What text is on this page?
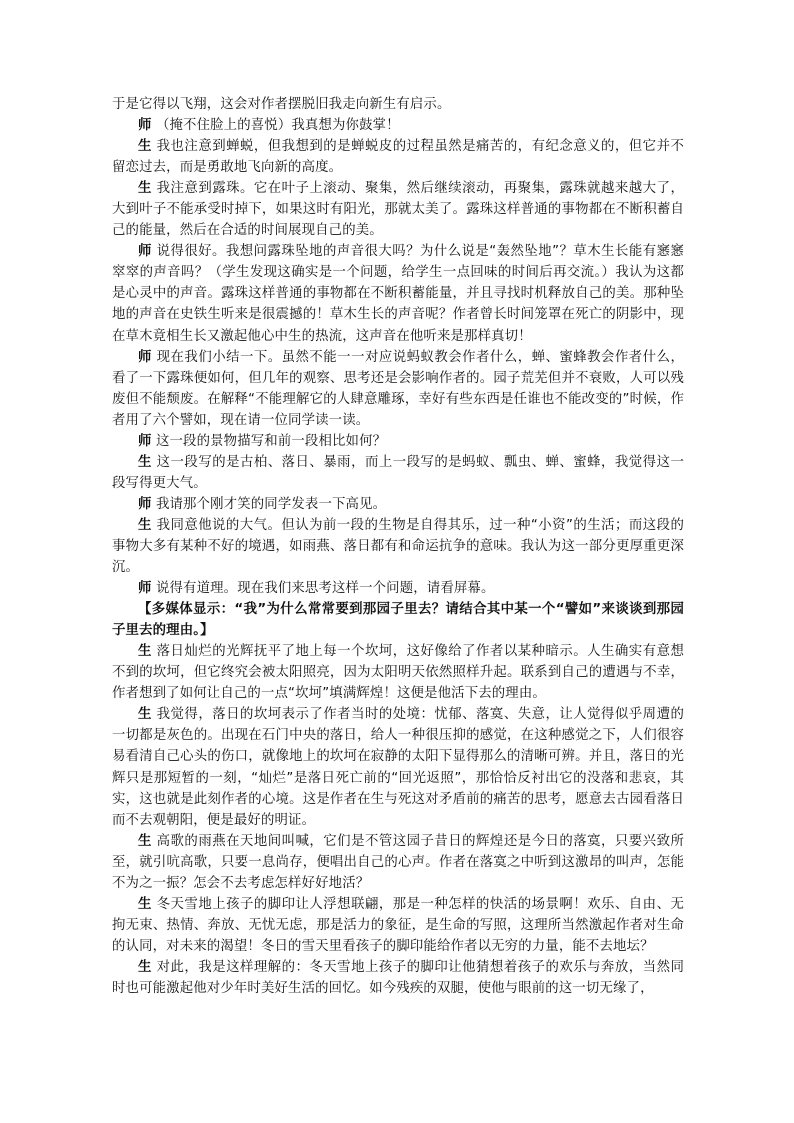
于是它得以飞翔，这会对作者摆脱旧我走向新生有启示。

师 （掩不住脸上的喜悦）我真想为你鼓掌！

生 我也注意到蝉蜕，但我想到的是蝉蜕皮的过程虽然是痛苦的，有纪念意义的，但它并不留恋过去，而是勇敢地飞向新的高度。

生 我注意到露珠。它在叶子上滚动、聚集，然后继续滚动，再聚集，露珠就越来越大了，大到叶子不能承受时掉下，如果这时有阳光，那就太美了。露珠这样普通的事物都在不断积蓄自己的能量，然后在合适的时间展现自己的美。

师 说得很好。我想问露珠坠地的声音很大吗？为什么说是“轰然坠地”？草木生长能有窸窸窣窣的声音吗？（学生发现这确实是一个问题，给学生一点回味的时间后再交流。）我认为这都是心灵中的声音。露珠这样普通的事物都在不断积蓄能量，并且寻找时机释放自己的美。那种坠地的声音在史铁生听来是很震撼的！草木生长的声音呢？作者曾长时间笼罩在死亡的阴影中，现在草木竟相生长又激起他心中生的热流，这声音在他听来是那样真切！

师 现在我们小结一下。虽然不能一一对应说蚂蚁教会作者什么，蝉、蜜蜂教会作者什么，看了一下露珠便如何，但几年的观察、思考还是会影响作者的。园子荒芜但并不衰败，人可以残废但不能颓废。在解释“不能理解它的人肆意雕琢，幸好有些东西是任谁也不能改变的”时候，作者用了六个譬如，现在请一位同学读一读。

师 这一段的景物描写和前一段相比如何？

生 这一段写的是古柏、落日、暴雨，而上一段写的是蚂蚁、瓢虫、蝉、蜜蜂，我觉得这一段写得更大气。

师 我请那个刚才笑的同学发表一下高见。

生 我同意他说的大气。但认为前一段的生物是自得其乐，过一种“小资”的生活；而这段的事物大多有某种不好的境遇，如雨燕、落日都有和命运抗争的意味。我认为这一部分更厚重更深沉。

师 说得有道理。现在我们来思考这样一个问题，请看屏幕。

【多媒体显示：“我”为什么常常要到那园子里去？请结合其中某一个“譬如”来谈谈到那园子里去的理由。】

生 落日灿烂的光辉抚平了地上每一个坎坷，这好像给了作者以某种暗示。人生确实有意想不到的坎坷，但它终究会被太阳照亮，因为太阳明天依然照样升起。联系到自己的遭遇与不幸，作者想到了如何让自己的一点“坎坷”填满辉煌！这便是他活下去的理由。

生 我觉得，落日的坎坷表示了作者当时的处境：忧郁、落寞、失意，让人觉得似乎周遭的一切都是灰色的。出现在石门中央的落日，给人一种很压抑的感觉，在这种感觉之下，人们很容易看清自己心头的伤口，就像地上的坎坷在寂静的太阳下显得那么的清晰可辨。并且，落日的光辉只是那短暂的一刻，“灿烂”是落日死亡前的“回光返照”，那恰恰反衬出它的没落和悲哀，其实，这也就是此刻作者的心境。这是作者在生与死这对矛盾前的痛苦的思考，愿意去古园看落日而不去观朝阳，便是最好的明证。

生 高歌的雨燕在天地间叫喊，它们是不管这园子昔日的辉煌还是今日的落寞，只要兴致所至，就引吭高歌，只要一息尚存，便唱出自己的心声。作者在落寞之中听到这激昂的叫声，怎能不为之一振？怎会不去考虑怎样好好地活？

生 冬天雪地上孩子的脚印让人浮想联翩，那是一种怎样的快活的场景啊！欢乐、自由、无拘无束、热情、奔放、无忧无虑，那是活力的象征，是生命的写照，这理所当然激起作者对生命的认同，对未来的渴望！冬日的雪天里看孩子的脚印能给作者以无穷的力量，能不去地坛？

生 对此，我是这样理解的：冬天雪地上孩子的脚印让他猜想着孩子的欢乐与奔放，当然同时也可能激起他对少年时美好生活的回忆。如今残疾的双腿，使他与眼前的这一切无缘了，
